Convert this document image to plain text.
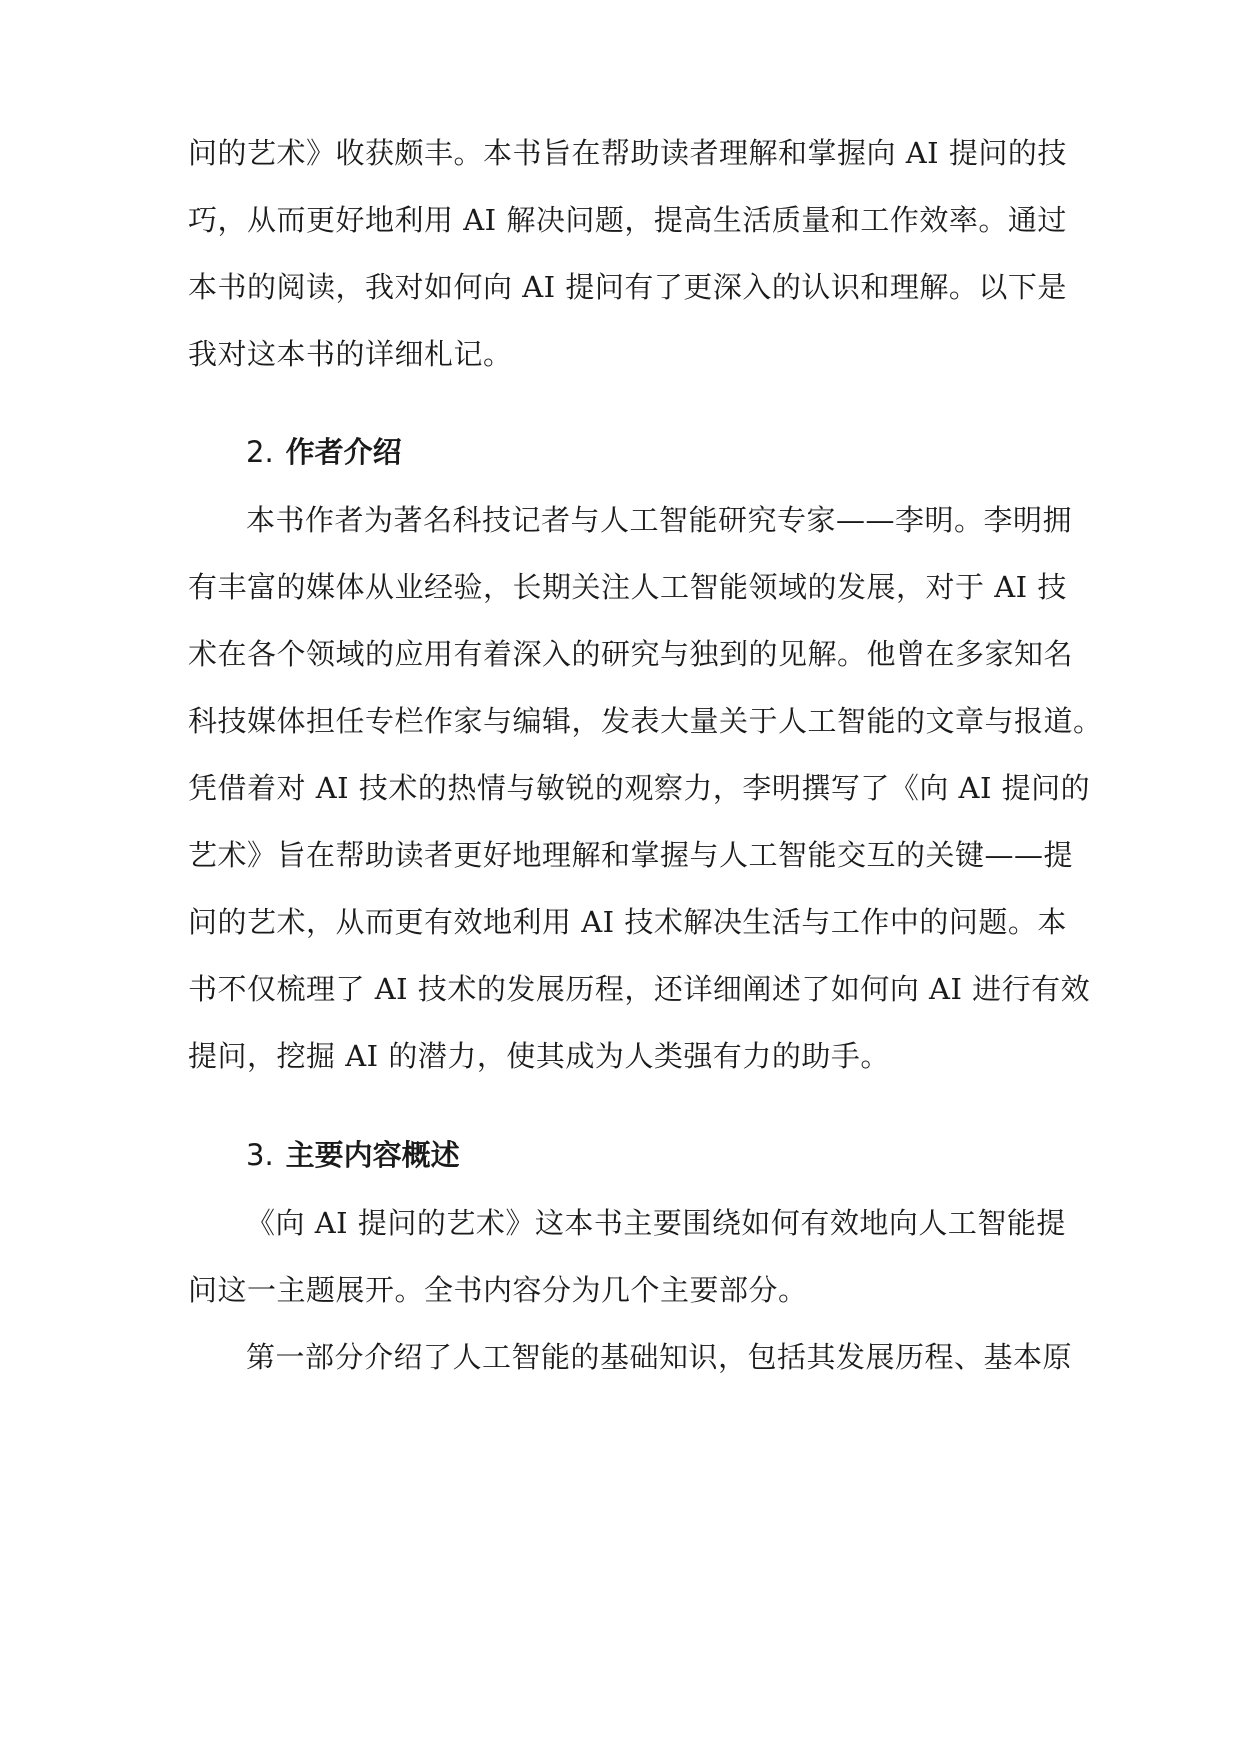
问的艺术》收获颇丰。本书旨在帮助读者理解和掌握向 AI 提问的技
巧，从而更好地利用 AI 解决问题，提高生活质量和工作效率。通过
本书的阅读，我对如何向 AI 提问有了更深入的认识和理解。以下是
我对这本书的详细札记。
2. 作者介绍
本书作者为著名科技记者与人工智能研究专家——李明。李明拥
有丰富的媒体从业经验，长期关注人工智能领域的发展，对于 AI 技
术在各个领域的应用有着深入的研究与独到的见解。他曾在多家知名
科技媒体担任专栏作家与编辑，发表大量关于人工智能的文章与报道。
凭借着对 AI 技术的热情与敏锐的观察力，李明撰写了《向 AI 提问的
艺术》旨在帮助读者更好地理解和掌握与人工智能交互的关键——提
问的艺术，从而更有效地利用 AI 技术解决生活与工作中的问题。本
书不仅梳理了 AI 技术的发展历程，还详细阐述了如何向 AI 进行有效
提问，挖掘 AI 的潜力，使其成为人类强有力的助手。
3. 主要内容概述
《向 AI 提问的艺术》这本书主要围绕如何有效地向人工智能提
问这一主题展开。全书内容分为几个主要部分。
第一部分介绍了人工智能的基础知识，包括其发展历程、基本原
